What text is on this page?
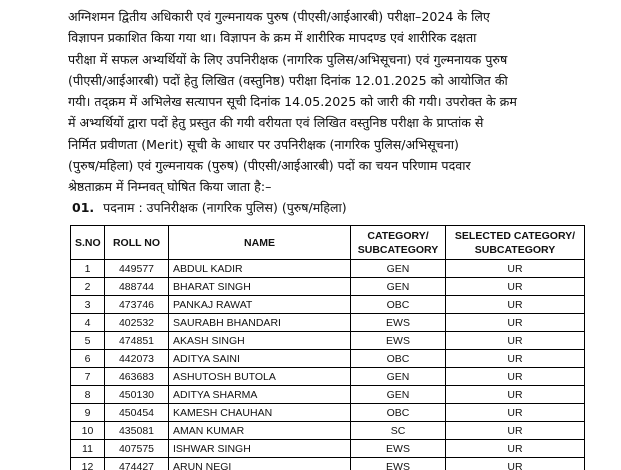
अग्निशमन द्वितीय अधिकारी एवं गुल्मनायक पुरुष (पीएसी/आईआरबी) परीक्षा–2024 के लिए
विज्ञापन प्रकाशित किया गया था। विज्ञापन के क्रम में शारीरिक मापदण्ड एवं शारीरिक दक्षता
परीक्षा में सफल अभ्यर्थियों के लिए उपनिरीक्षक (नागरिक पुलिस/अभिसूचना) एवं गुल्मनायक पुरुष
(पीएसी/आईआरबी) पदों हेतु लिखित (वस्तुनिष्ठ) परीक्षा दिनांक 12.01.2025 को आयोजित की
गयी। तद्क्रम में अभिलेख सत्यापन सूची दिनांक 14.05.2025 को जारी की गयी। उपरोक्त के क्रम
में अभ्यर्थियों द्वारा पदों हेतु प्रस्तुत की गयी वरीयता एवं लिखित वस्तुनिष्ठ परीक्षा के प्राप्तांक से
निर्मित प्रवीणता (Merit) सूची के आधार पर उपनिरीक्षक (नागरिक पुलिस/अभिसूचना)
(पुरुष/महिला) एवं गुल्मनायक (पुरुष) (पीएसी/आईआरबी) पदों का चयन परिणाम पदवार
श्रेष्ठताक्रम में निम्नवत् घोषित किया जाता है:–
01. पदनाम : उपनिरीक्षक (नागरिक पुलिस) (पुरुष/महिला)
S.NO	ROLL NO	NAME	CATEGORY/
SUBCATEGORY	SELECTED CATEGORY/
SUBCATEGORY
1	449577	ABDUL KADIR	GEN	UR
2	488744	BHARAT SINGH	GEN	UR
3	473746	PANKAJ RAWAT	OBC	UR
4	402532	SAURABH BHANDARI	EWS	UR
5	474851	AKASH SINGH	EWS	UR
6	442073	ADITYA SAINI	OBC	UR
7	463683	ASHUTOSH BUTOLA	GEN	UR
8	450130	ADITYA SHARMA	GEN	UR
9	450454	KAMESH CHAUHAN	OBC	UR
10	435081	AMAN KUMAR	SC	UR
11	407575	ISHWAR SINGH	EWS	UR
12	474427	ARUN NEGI	EWS	UR
